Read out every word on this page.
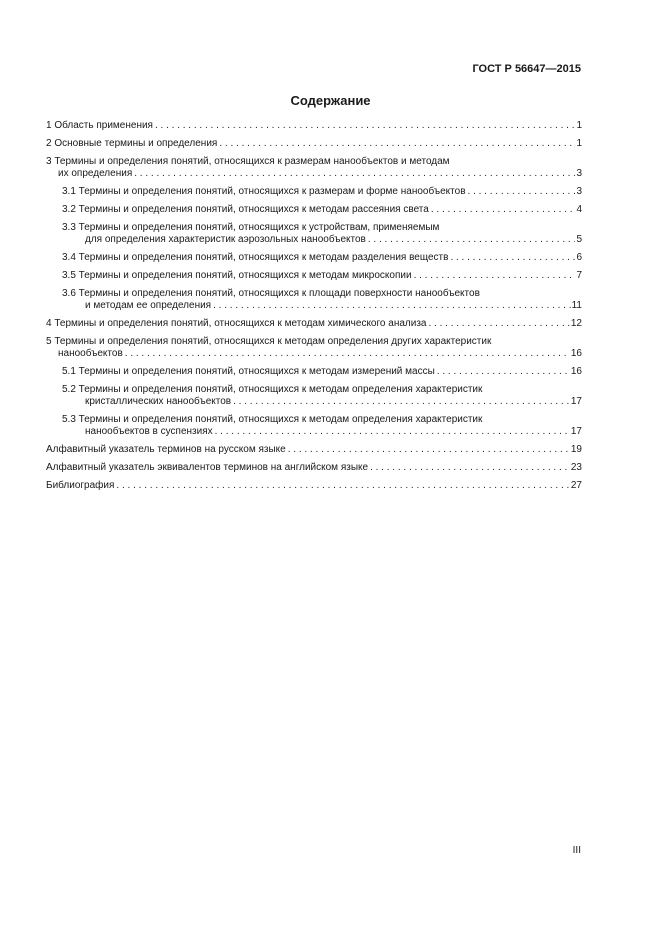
ГОСТ Р 56647—2015
Содержание
1 Область применения . . .	1
2 Основные термины и определения . . .	1
3 Термины и определения понятий, относящихся к размерам нанообъектов и методам
их определения . . .	3
3.1 Термины и определения понятий, относящихся к размерам и форме нанообъектов . . .	3
3.2 Термины и определения понятий, относящихся к методам рассеяния света . . .	4
3.3 Термины и определения понятий, относящихся к устройствам, применяемым
для определения характеристик аэрозольных нанообъектов . . .	5
3.4 Термины и определения понятий, относящихся к методам разделения веществ . . .	6
3.5 Термины и определения понятий, относящихся к методам микроскопии . . .	7
3.6 Термины и определения понятий, относящихся к площади поверхности нанообъектов
и методам ее определения . . .	11
4 Термины и определения понятий, относящихся к методам химического анализа . . .	12
5 Термины и определения понятий, относящихся к методам определения других характеристик
нанообъектов . . .	16
5.1 Термины и определения понятий, относящихся к методам измерений массы . . .	16
5.2 Термины и определения понятий, относящихся к методам определения характеристик
кристаллических нанообъектов . . .	17
5.3 Термины и определения понятий, относящихся к методам определения характеристик
нанообъектов в суспензиях . . .	17
Алфавитный указатель терминов на русском языке . . .	19
Алфавитный указатель эквивалентов терминов на английском языке . . .	23
Библиография . . .	27
III
